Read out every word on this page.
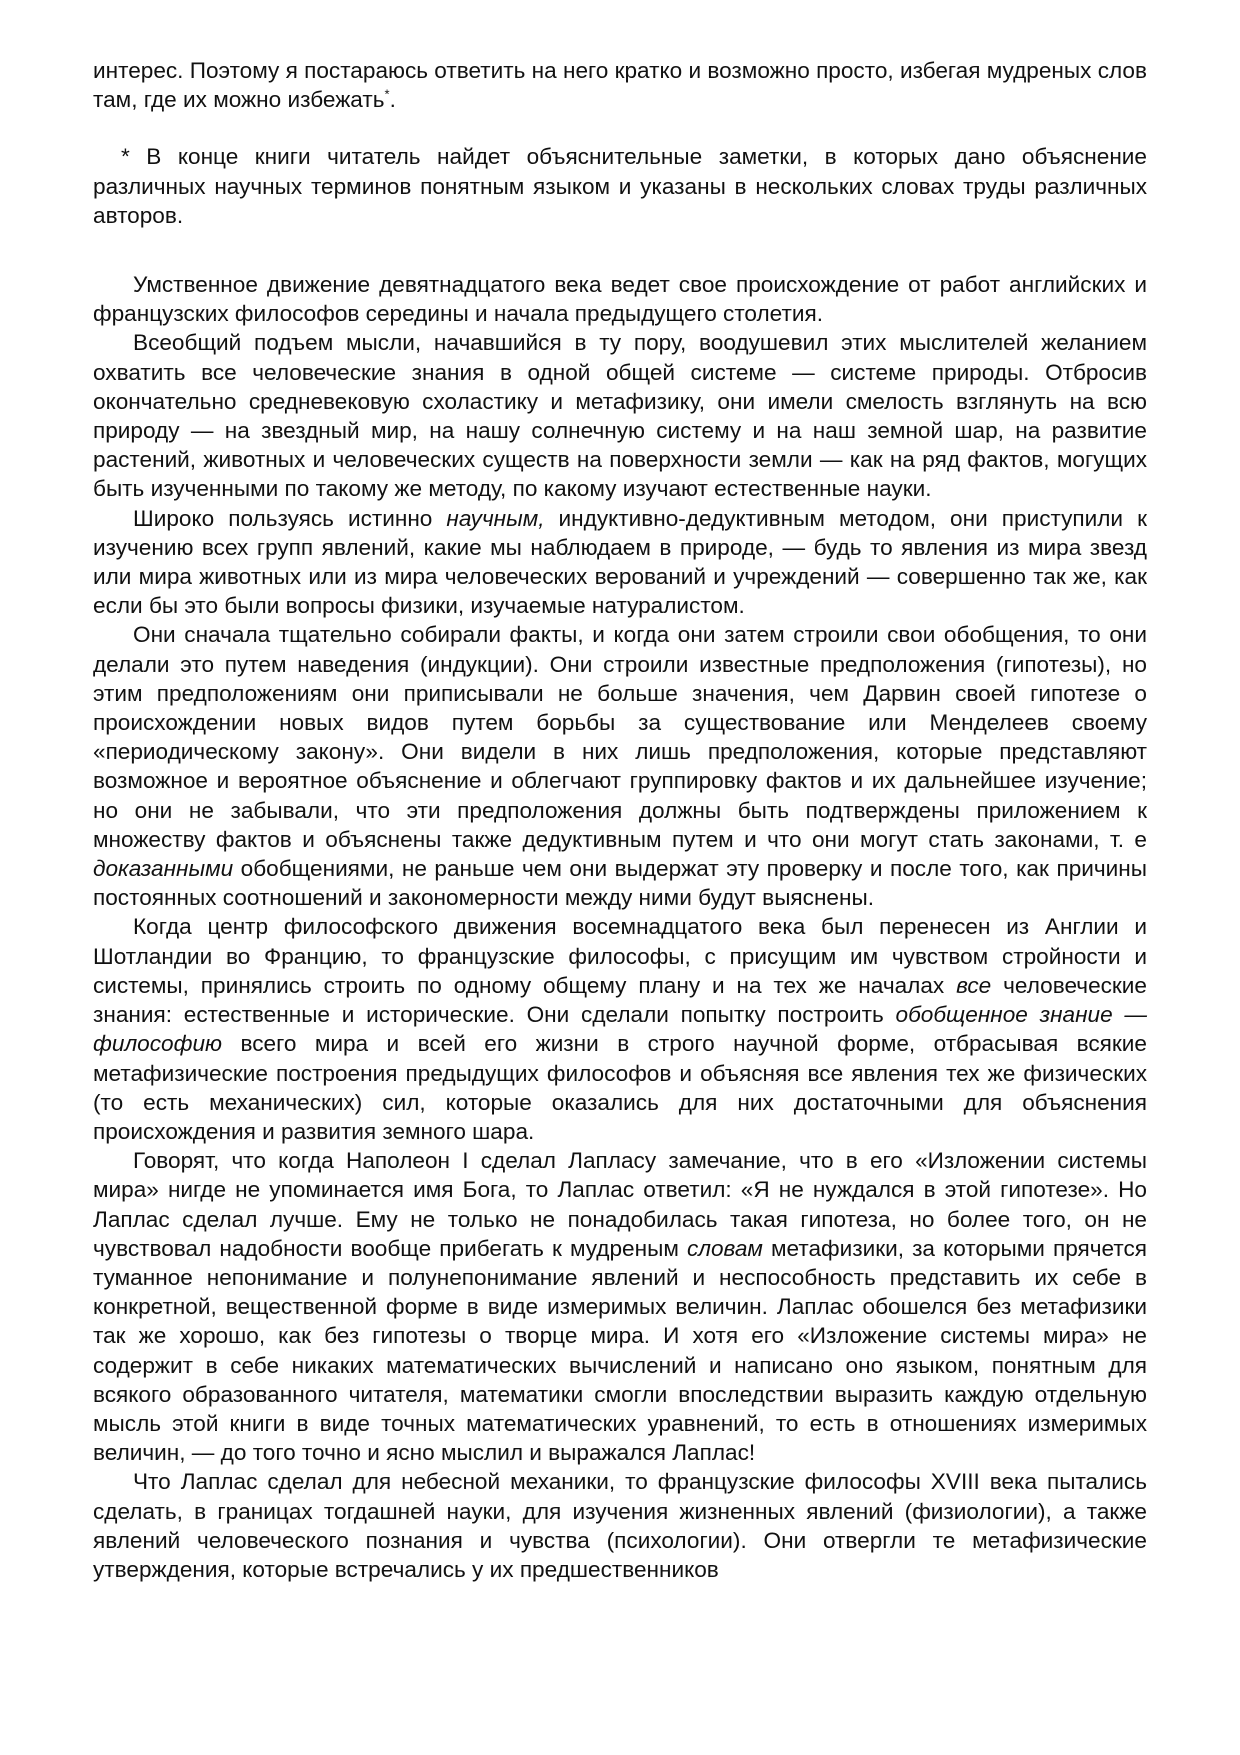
интерес. Поэтому я постараюсь ответить на него кратко и возможно просто, избегая мудреных слов там, где их можно избежать*.

* В конце книги читатель найдет объяснительные заметки, в которых дано объяснение различных научных терминов понятным языком и указаны в нескольких словах труды различных авторов.

Умственное движение девятнадцатого века ведет свое происхождение от работ английских и французских философов середины и начала предыдущего столетия.

Всеобщий подъем мысли, начавшийся в ту пору, воодушевил этих мыслителей желанием охватить все человеческие знания в одной общей системе — системе природы. Отбросив окончательно средневековую схоластику и метафизику, они имели смелость взглянуть на всю природу — на звездный мир, на нашу солнечную систему и на наш земной шар, на развитие растений, животных и человеческих существ на поверхности земли — как на ряд фактов, могущих быть изученными по такому же методу, по какому изучают естественные науки.

Широко пользуясь истинно научным, индуктивно-дедуктивным методом, они приступили к изучению всех групп явлений, какие мы наблюдаем в природе, — будь то явления из мира звезд или мира животных или из мира человеческих верований и учреждений — совершенно так же, как если бы это были вопросы физики, изучаемые натуралистом.

Они сначала тщательно собирали факты, и когда они затем строили свои обобщения, то они делали это путем наведения (индукции). Они строили известные предположения (гипотезы), но этим предположениям они приписывали не больше значения, чем Дарвин своей гипотезе о происхождении новых видов путем борьбы за существование или Менделеев своему «периодическому закону». Они видели в них лишь предположения, которые представляют возможное и вероятное объяснение и облегчают группировку фактов и их дальнейшее изучение; но они не забывали, что эти предположения должны быть подтверждены приложением к множеству фактов и объяснены также дедуктивным путем и что они могут стать законами, т. е доказанными обобщениями, не раньше чем они выдержат эту проверку и после того, как причины постоянных соотношений и закономерности между ними будут выяснены.

Когда центр философского движения восемнадцатого века был перенесен из Англии и Шотландии во Францию, то французские философы, с присущим им чувством стройности и системы, принялись строить по одному общему плану и на тех же началах все человеческие знания: естественные и исторические. Они сделали попытку построить обобщенное знание — философию всего мира и всей его жизни в строго научной форме, отбрасывая всякие метафизические построения предыдущих философов и объясняя все явления тех же физических (то есть механических) сил, которые оказались для них достаточными для объяснения происхождения и развития земного шара.

Говорят, что когда Наполеон I сделал Лапласу замечание, что в его «Изложении системы мира» нигде не упоминается имя Бога, то Лаплас ответил: «Я не нуждался в этой гипотезе». Но Лаплас сделал лучше. Ему не только не понадобилась такая гипотеза, но более того, он не чувствовал надобности вообще прибегать к мудреным словам метафизики, за которыми прячется туманное непонимание и полунепонимание явлений и неспособность представить их себе в конкретной, вещественной форме в виде измеримых величин. Лаплас обошелся без метафизики так же хорошо, как без гипотезы о творце мира. И хотя его «Изложение системы мира» не содержит в себе никаких математических вычислений и написано оно языком, понятным для всякого образованного читателя, математики смогли впоследствии выразить каждую отдельную мысль этой книги в виде точных математических уравнений, то есть в отношениях измеримых величин, — до того точно и ясно мыслил и выражался Лаплас!

Что Лаплас сделал для небесной механики, то французские философы XVIII века пытались сделать, в границах тогдашней науки, для изучения жизненных явлений (физиологии), а также явлений человеческого познания и чувства (психологии). Они отвергли те метафизические утверждения, которые встречались у их предшественников
